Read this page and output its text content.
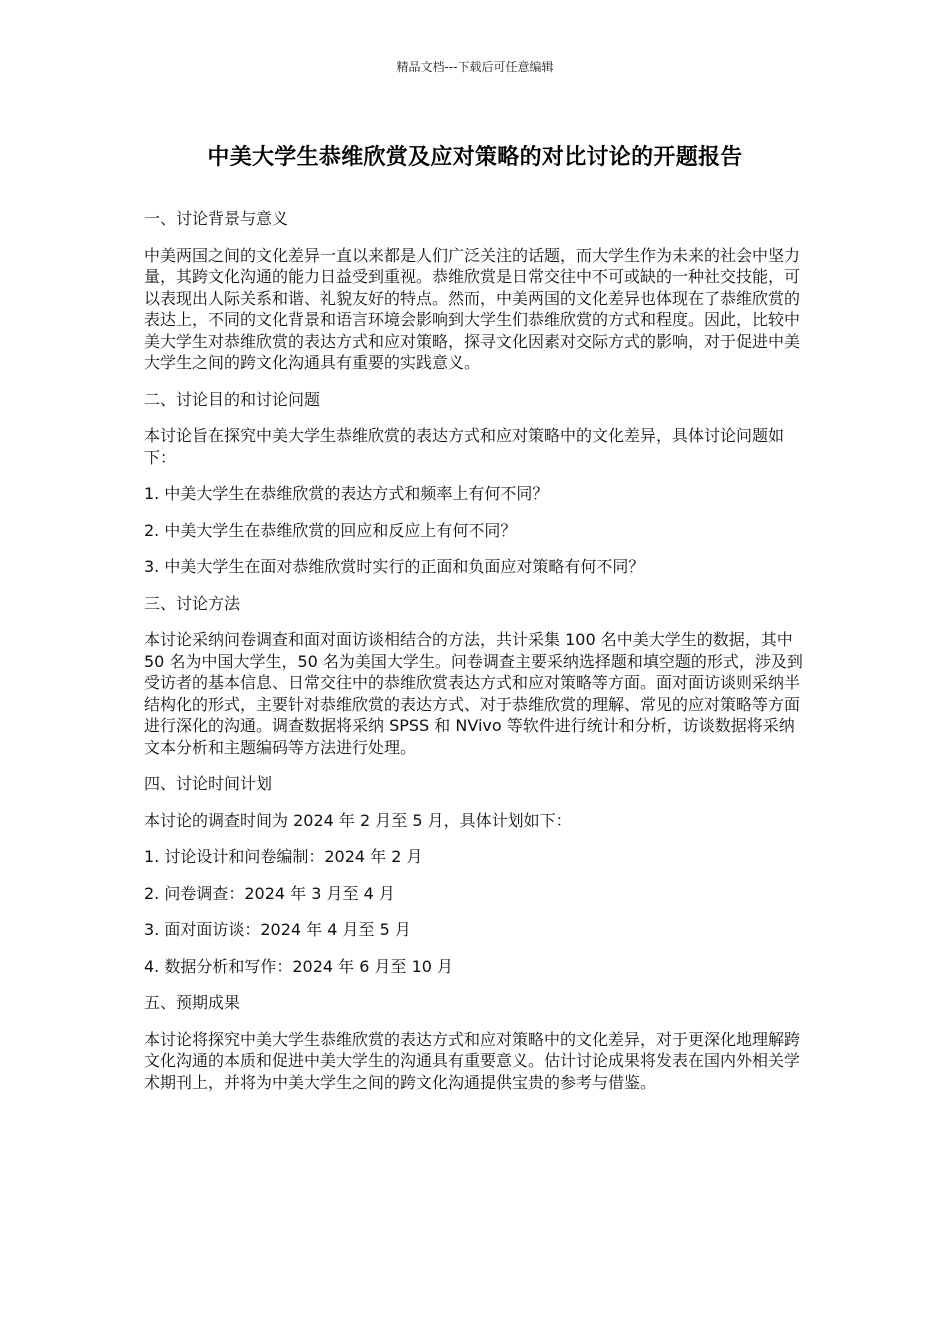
精品文档---下载后可任意编辑
中美大学生恭维欣赏及应对策略的对比讨论的开题报告

一、讨论背景与意义

中美两国之间的文化差异一直以来都是人们广泛关注的话题，而大学生作为未来的社会中坚力量，其跨文化沟通的能力日益受到重视。恭维欣赏是日常交往中不可或缺的一种社交技能，可以表现出人际关系和谐、礼貌友好的特点。然而，中美两国的文化差异也体现在了恭维欣赏的表达上，不同的文化背景和语言环境会影响到大学生们恭维欣赏的方式和程度。因此，比较中美大学生对恭维欣赏的表达方式和应对策略，探寻文化因素对交际方式的影响，对于促进中美大学生之间的跨文化沟通具有重要的实践意义。

二、讨论目的和讨论问题

本讨论旨在探究中美大学生恭维欣赏的表达方式和应对策略中的文化差异，具体讨论问题如下：

1. 中美大学生在恭维欣赏的表达方式和频率上有何不同？

2. 中美大学生在恭维欣赏的回应和反应上有何不同？

3. 中美大学生在面对恭维欣赏时实行的正面和负面应对策略有何不同？

三、讨论方法

本讨论采纳问卷调查和面对面访谈相结合的方法，共计采集 100 名中美大学生的数据，其中 50 名为中国大学生，50 名为美国大学生。问卷调查主要采纳选择题和填空题的形式，涉及到受访者的基本信息、日常交往中的恭维欣赏表达方式和应对策略等方面。面对面访谈则采纳半结构化的形式，主要针对恭维欣赏的表达方式、对于恭维欣赏的理解、常见的应对策略等方面进行深化的沟通。调查数据将采纳 SPSS 和 NVivo 等软件进行统计和分析，访谈数据将采纳文本分析和主题编码等方法进行处理。

四、讨论时间计划

本讨论的调查时间为 2024 年 2 月至 5 月，具体计划如下：

1. 讨论设计和问卷编制：2024 年 2 月

2. 问卷调查：2024 年 3 月至 4 月

3. 面对面访谈：2024 年 4 月至 5 月

4. 数据分析和写作：2024 年 6 月至 10 月

五、预期成果

本讨论将探究中美大学生恭维欣赏的表达方式和应对策略中的文化差异，对于更深化地理解跨文化沟通的本质和促进中美大学生的沟通具有重要意义。估计讨论成果将发表在国内外相关学术期刊上，并将为中美大学生之间的跨文化沟通提供宝贵的参考与借鉴。
